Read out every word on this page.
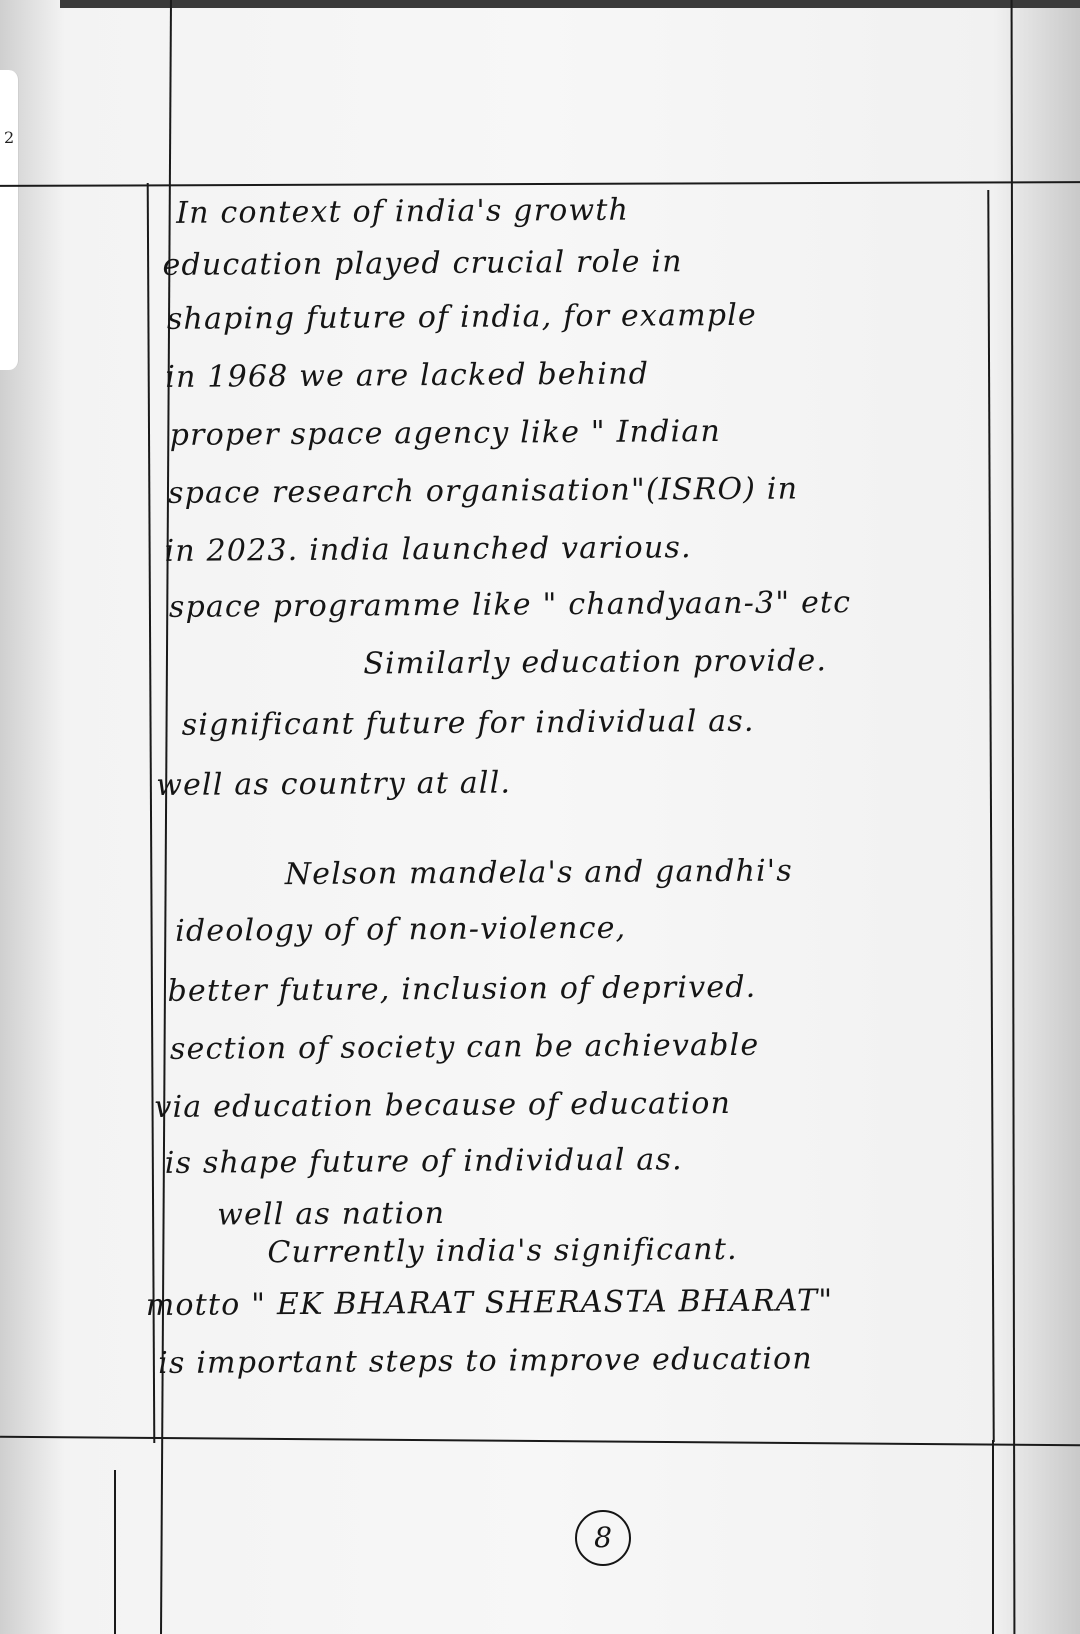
2
In context of india's growth
education played crucial role in
shaping future of india, for example
in 1968 we are lacked behind
proper space agency like " Indian
space research organisation"(ISRO) in
in 2023. india launched various.
space programme like " chandyaan-3" etc
Similarly education provide.
significant future for individual as.
well as country at all.
Nelson mandela's and gandhi's
ideology of of non-violence,
better future, inclusion of deprived.
section of society can be achievable
via education because of education
is shape future of individual as.
well as nation
Currently india's significant.
motto " EK BHARAT SHERASTA BHARAT"
is important steps to improve education
8
